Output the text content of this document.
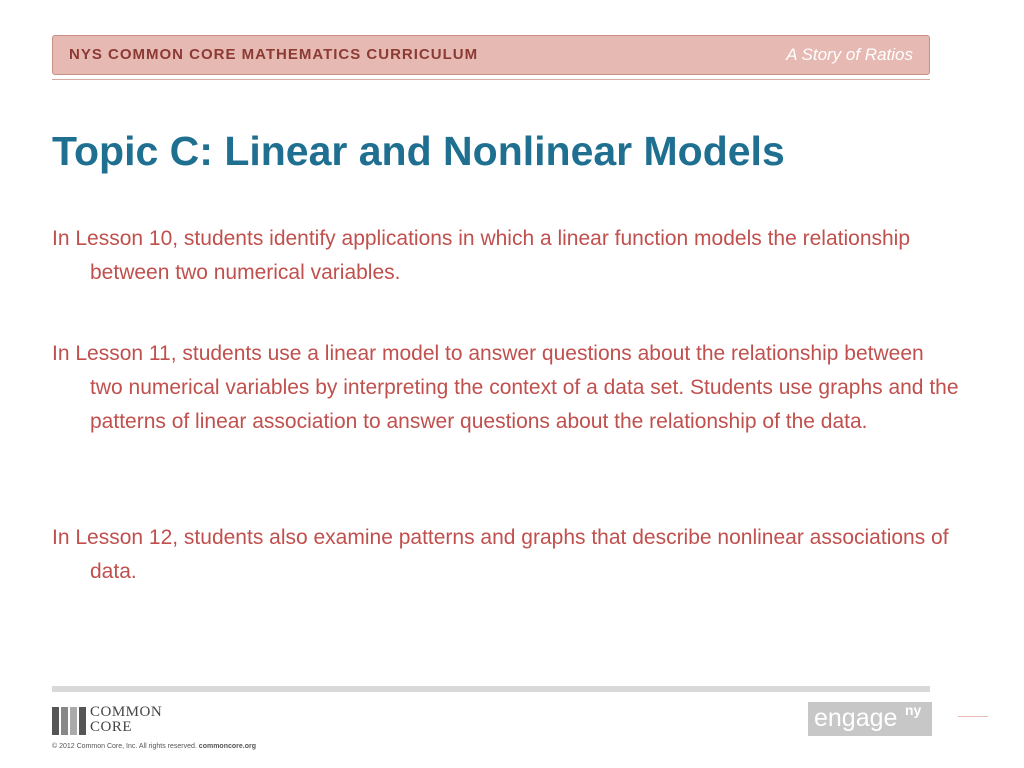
NYS COMMON CORE MATHEMATICS CURRICULUM	A Story of Ratios
Topic C: Linear and Nonlinear Models

In Lesson 10, students identify applications in which a linear function models the relationship between two numerical variables.

In Lesson 11, students use a linear model to answer questions about the relationship between two numerical variables by interpreting the context of a data set. Students use graphs and the patterns of linear association to answer questions about the relationship of the data.

In Lesson 12, students also examine patterns and graphs that describe nonlinear associations of data.

COMMON
CORE
© 2012 Common Core, Inc. All rights reserved. commoncore.org
engage ny
